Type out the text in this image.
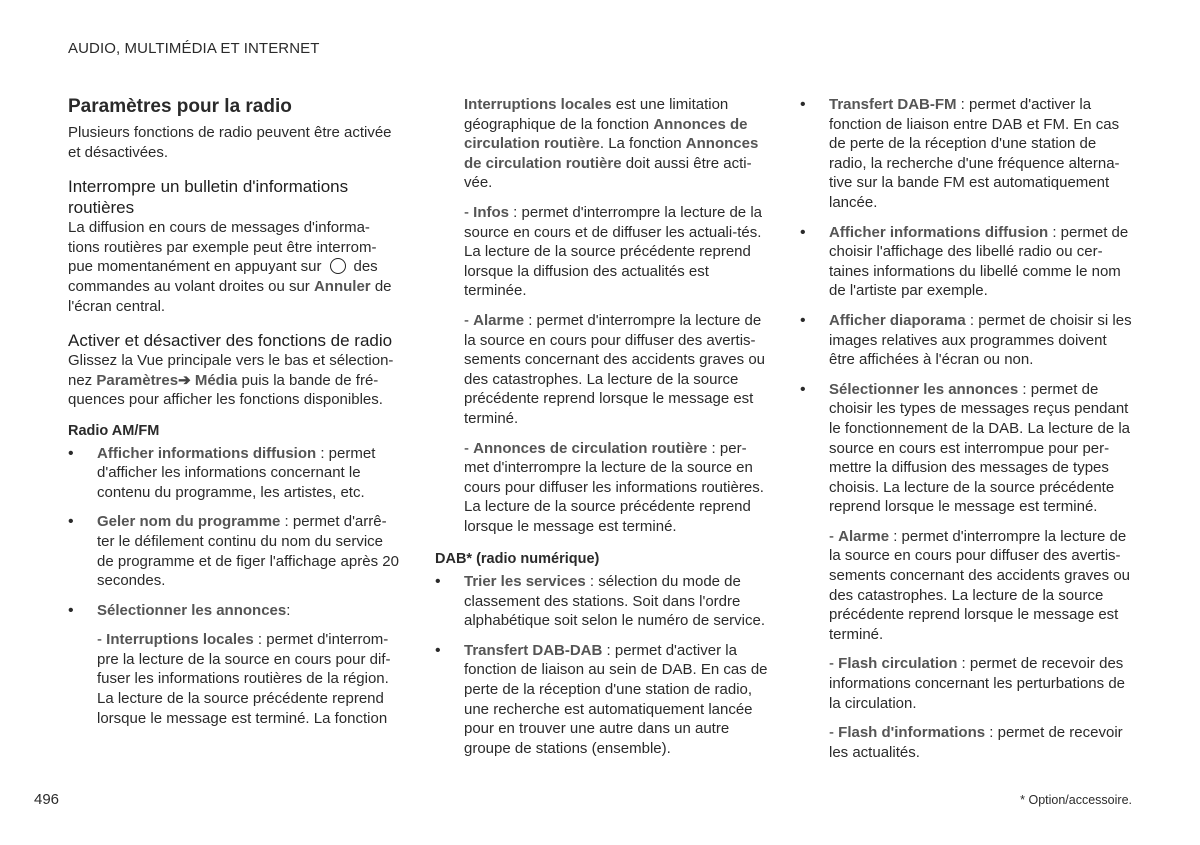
AUDIO, MULTIMÉDIA ET INTERNET
Paramètres pour la radio

Plusieurs fonctions de radio peuvent être activée et désactivées.

Interrompre un bulletin d'informations routières

La diffusion en cours de messages d'informa-tions routières par exemple peut être interrom-pue momentanément en appuyant sur des commandes au volant droites ou sur Annuler de l'écran central.

Activer et désactiver des fonctions de radio

Glissez la Vue principale vers le bas et sélection-nez Paramètres➔ Média puis la bande de fré-quences pour afficher les fonctions disponibles.

Radio AM/FM
• Afficher informations diffusion : permet d'afficher les informations concernant le contenu du programme, les artistes, etc.
• Geler nom du programme : permet d'arrê-ter le défilement continu du nom du service de programme et de figer l'affichage après 20 secondes.
• Sélectionner les annonces:
- Interruptions locales : permet d'interrom-pre la lecture de la source en cours pour dif-fuser les informations routières de la région. La lecture de la source précédente reprend lorsque le message est terminé. La fonction

Interruptions locales est une limitation géographique de la fonction Annonces de circulation routière. La fonction Annonces de circulation routière doit aussi être acti-vée.

- Infos : permet d'interrompre la lecture de la source en cours et de diffuser les actuali-tés. La lecture de la source précédente reprend lorsque la diffusion des actualités est terminée.

- Alarme : permet d'interrompre la lecture de la source en cours pour diffuser des avertis-sements concernant des accidents graves ou des catastrophes. La lecture de la source précédente reprend lorsque le message est terminé.

- Annonces de circulation routière : per-met d'interrompre la lecture de la source en cours pour diffuser les informations routières. La lecture de la source précédente reprend lorsque le message est terminé.

DAB* (radio numérique)
• Trier les services : sélection du mode de classement des stations. Soit dans l'ordre alphabétique soit selon le numéro de service.
• Transfert DAB-DAB : permet d'activer la fonction de liaison au sein de DAB. En cas de perte de la réception d'une station de radio, une recherche est automatiquement lancée pour en trouver une autre dans un autre groupe de stations (ensemble).
• Transfert DAB-FM : permet d'activer la fonction de liaison entre DAB et FM. En cas de perte de la réception d'une station de radio, la recherche d'une fréquence alterna-tive sur la bande FM est automatiquement lancée.
• Afficher informations diffusion : permet de choisir l'affichage des libellé radio ou cer-taines informations du libellé comme le nom de l'artiste par exemple.
• Afficher diaporama : permet de choisir si les images relatives aux programmes doivent être affichées à l'écran ou non.
• Sélectionner les annonces : permet de choisir les types de messages reçus pendant le fonctionnement de la DAB. La lecture de la source en cours est interrompue pour per-mettre la diffusion des messages de types choisis. La lecture de la source précédente reprend lorsque le message est terminé.

- Alarme : permet d'interrompre la lecture de la source en cours pour diffuser des avertis-sements concernant des accidents graves ou des catastrophes. La lecture de la source précédente reprend lorsque le message est terminé.

- Flash circulation : permet de recevoir des informations concernant les perturbations de la circulation.

- Flash d'informations : permet de recevoir les actualités.

496	* Option/accessoire.
